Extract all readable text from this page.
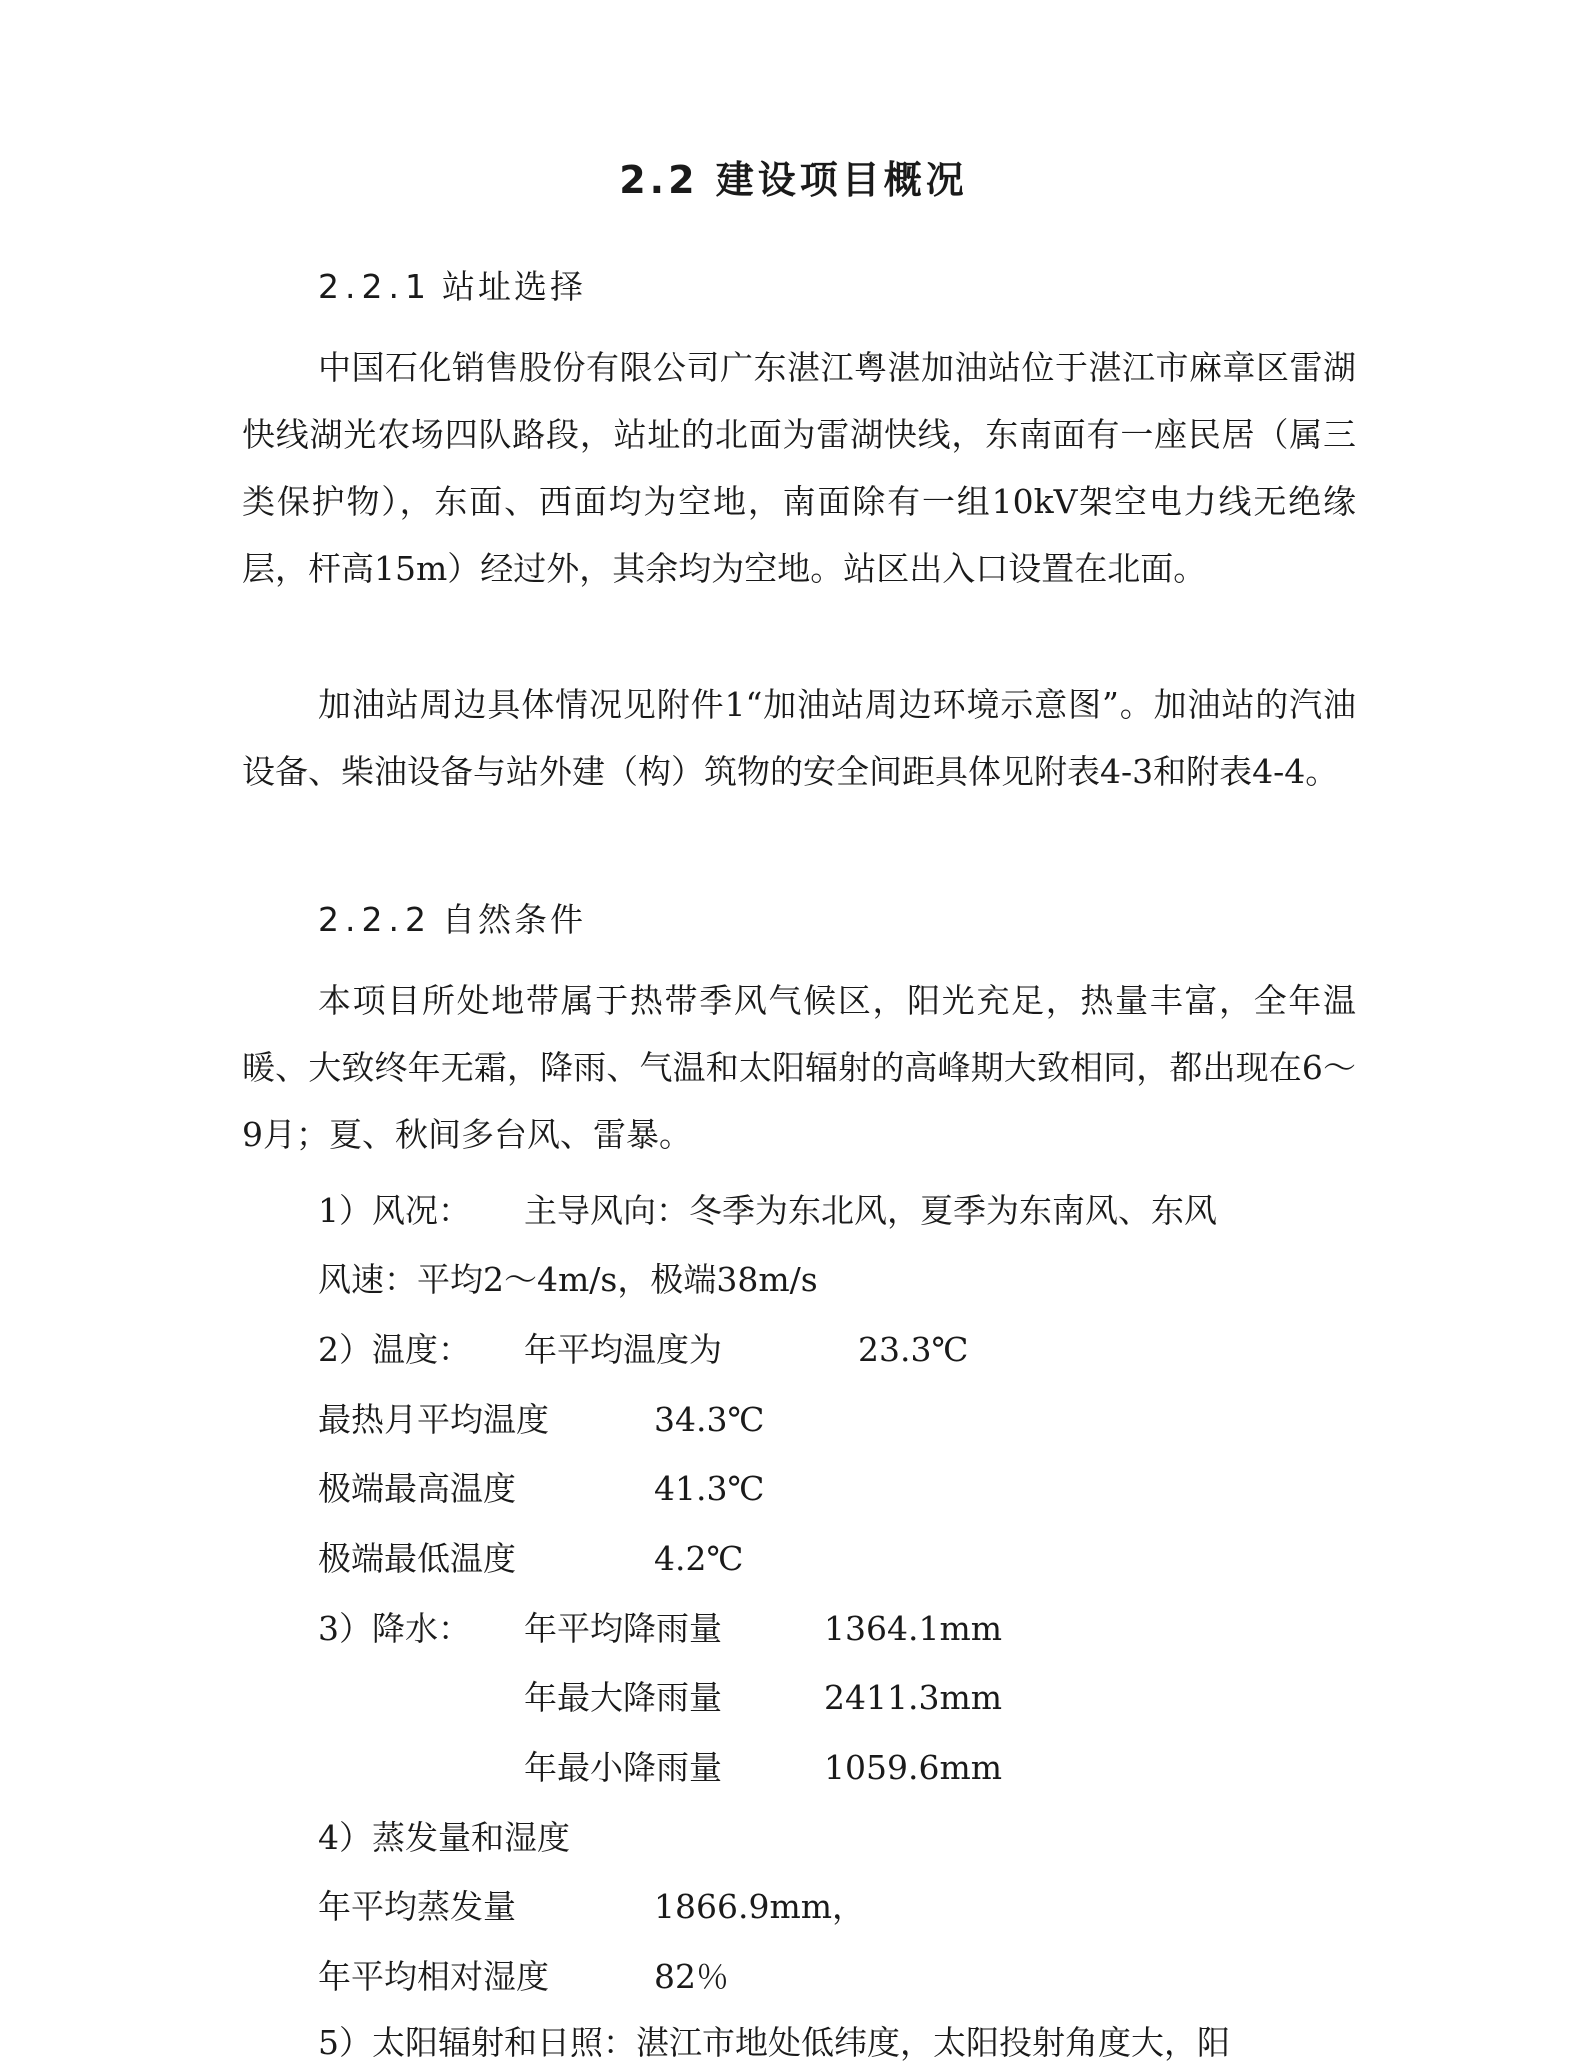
2.2 建设项目概况
2.2.1 站址选择

中国石化销售股份有限公司广东湛江粤湛加油站位于湛江市麻章区雷湖快线湖光农场四队路段，站址的北面为雷湖快线，东南面有一座民居（属三类保护物），东面、西面均为空地，南面除有一组10kV架空电力线无绝缘层，杆高15m）经过外，其余均为空地。站区出入口设置在北面。

加油站周边具体情况见附件1“加油站周边环境示意图”。加油站的汽油设备、柴油设备与站外建（构）筑物的安全间距具体见附表4-3和附表4-4。

2.2.2 自然条件

本项目所处地带属于热带季风气候区，阳光充足，热量丰富，全年温暖、大致终年无霜，降雨、气温和太阳辐射的高峰期大致相同，都出现在6～9月；夏、秋间多台风、雷暴。

1）风况： 主导风向：冬季为东北风，夏季为东南风、东风
风速：平均2～4m/s，极端38m/s
2）温度： 年平均温度为	23.3℃
最热月平均温度	34.3℃
极端最高温度	41.3℃
极端最低温度	4.2℃
3）降水： 年平均降雨量	1364.1mm
年最大降雨量	2411.3mm
年最小降雨量	1059.6mm
4）蒸发量和湿度
年平均蒸发量	1866.9mm，
年平均相对湿度	82％
5）太阳辐射和日照：湛江市地处低纬度，太阳投射角度大，阳
